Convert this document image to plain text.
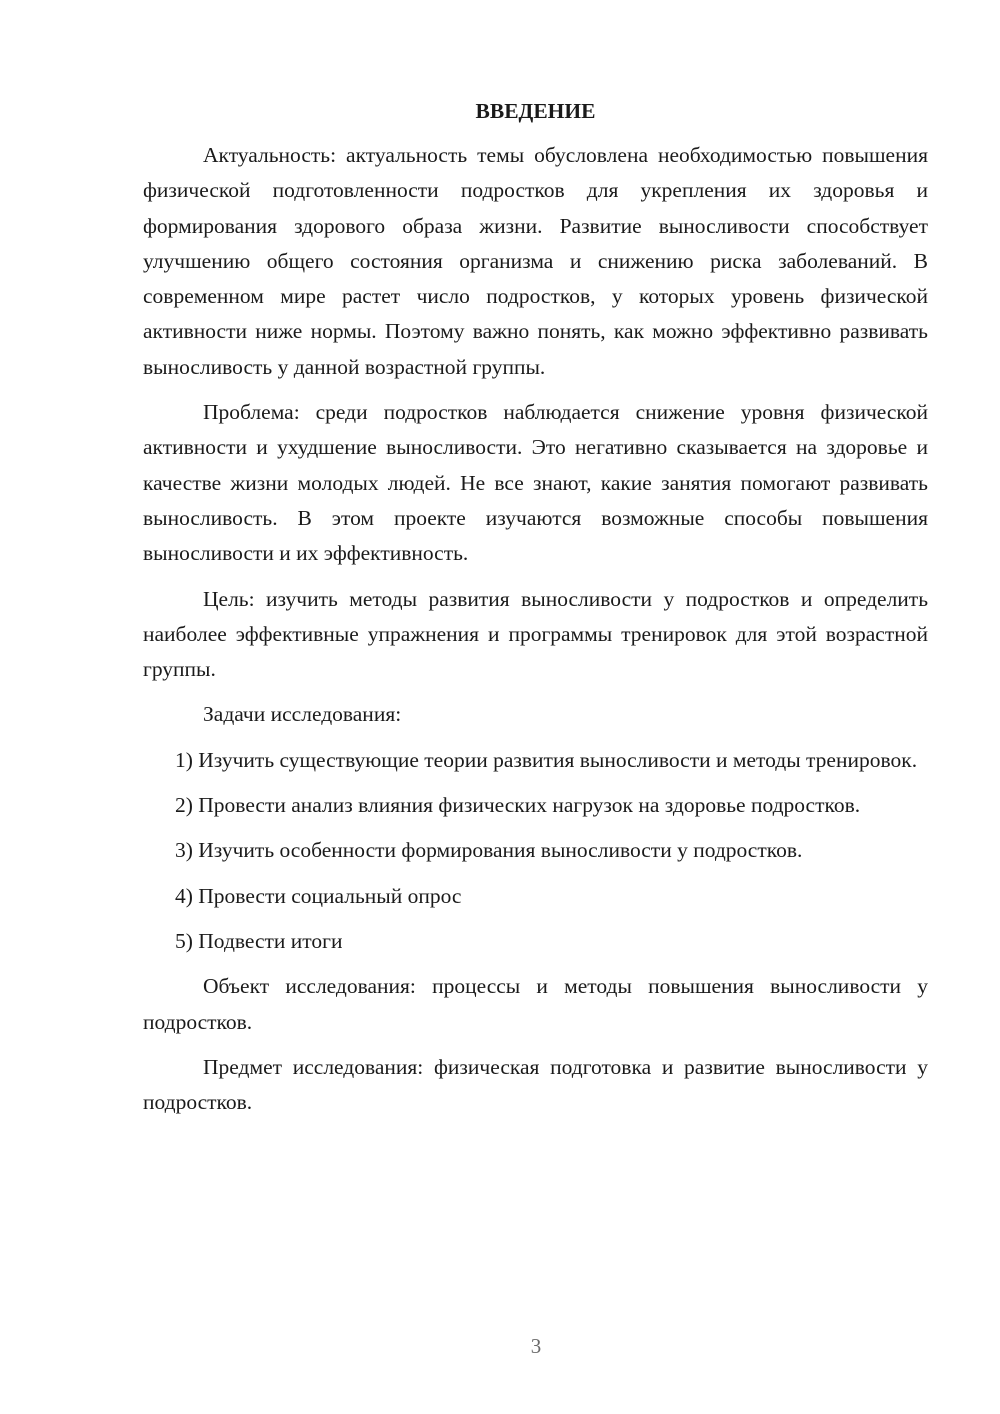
ВВЕДЕНИЕ

Актуальность: актуальность темы обусловлена необходимостью повышения физической подготовленности подростков для укрепления их здоровья и формирования здорового образа жизни. Развитие выносливости способствует улучшению общего состояния организма и снижению риска заболеваний. В современном мире растет число подростков, у которых уровень физической активности ниже нормы. Поэтому важно понять, как можно эффективно развивать выносливость у данной возрастной группы.

Проблема: среди подростков наблюдается снижение уровня физической активности и ухудшение выносливости. Это негативно сказывается на здоровье и качестве жизни молодых людей. Не все знают, какие занятия помогают развивать выносливость. В этом проекте изучаются возможные способы повышения выносливости и их эффективность.

Цель: изучить методы развития выносливости у подростков и определить наиболее эффективные упражнения и программы тренировок для этой возрастной группы.

Задачи исследования:

1) Изучить существующие теории развития выносливости и методы тренировок.

2) Провести анализ влияния физических нагрузок на здоровье подростков.

3) Изучить особенности формирования выносливости у подростков.

4) Провести социальный опрос

5) Подвести итоги

Объект исследования: процессы и методы повышения выносливости у подростков.

Предмет исследования: физическая подготовка и развитие выносливости у подростков.

3
